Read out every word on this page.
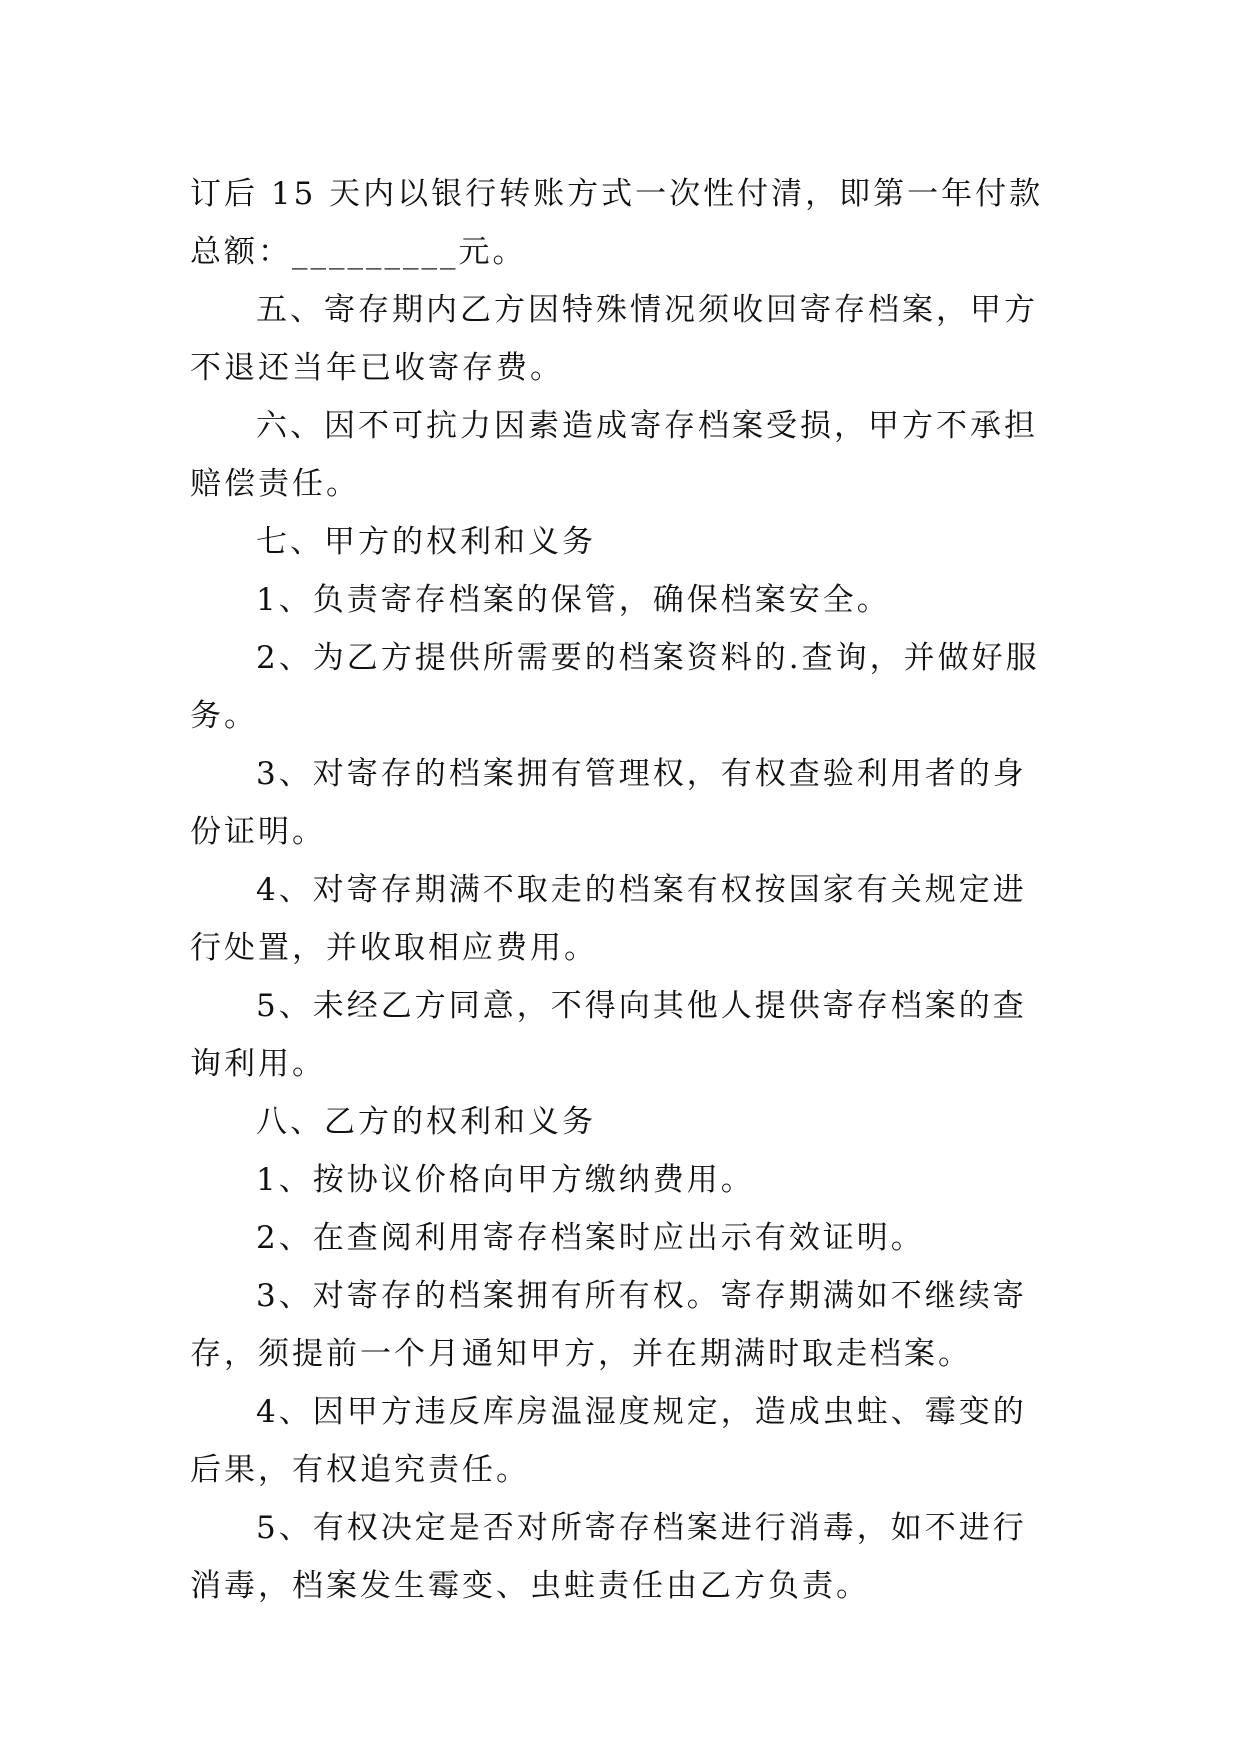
订后 15 天内以银行转账方式一次性付清，即第一年付款总额：_________元。

五、寄存期内乙方因特殊情况须收回寄存档案，甲方不退还当年已收寄存费。

六、因不可抗力因素造成寄存档案受损，甲方不承担赔偿责任。

七、甲方的权利和义务

1、负责寄存档案的保管，确保档案安全。

2、为乙方提供所需要的档案资料的.查询，并做好服务。

3、对寄存的档案拥有管理权，有权查验利用者的身份证明。

4、对寄存期满不取走的档案有权按国家有关规定进行处置，并收取相应费用。

5、未经乙方同意，不得向其他人提供寄存档案的查询利用。

八、乙方的权利和义务

1、按协议价格向甲方缴纳费用。

2、在查阅利用寄存档案时应出示有效证明。

3、对寄存的档案拥有所有权。寄存期满如不继续寄存，须提前一个月通知甲方，并在期满时取走档案。

4、因甲方违反库房温湿度规定，造成虫蛀、霉变的后果，有权追究责任。

5、有权决定是否对所寄存档案进行消毒，如不进行消毒，档案发生霉变、虫蛀责任由乙方负责。
